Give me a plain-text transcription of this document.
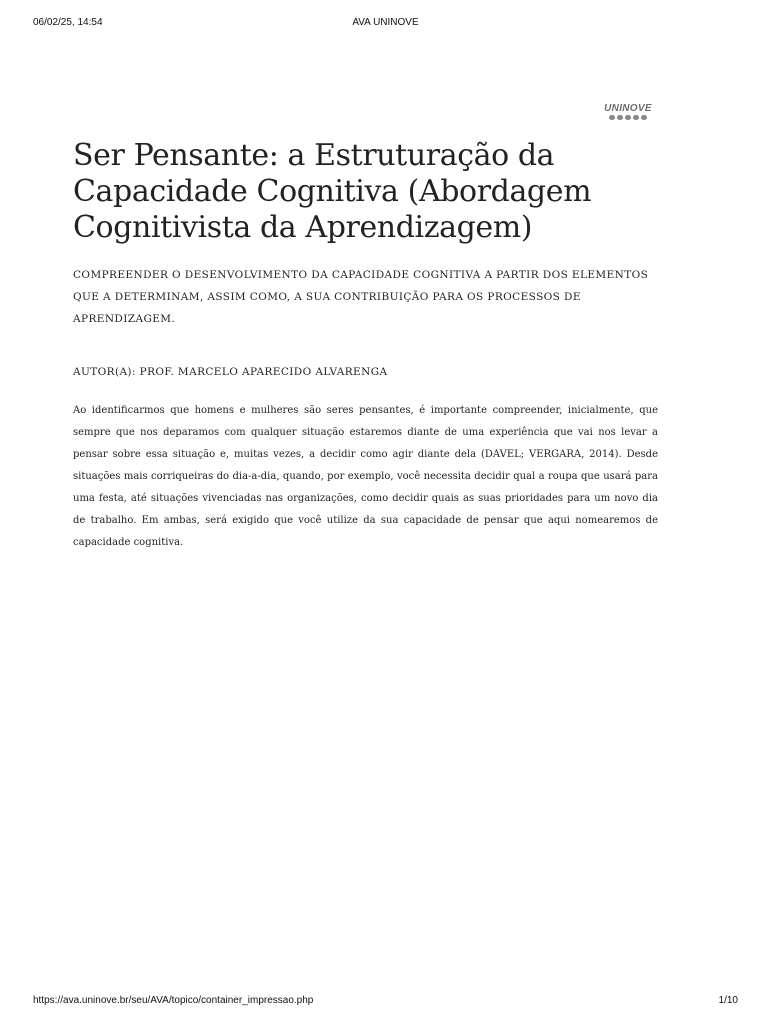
06/02/25, 14:54	AVA UNINOVE
UNINOVE
Ser Pensante: a Estruturação da Capacidade Cognitiva (Abordagem Cognitivista da Aprendizagem)

COMPREENDER O DESENVOLVIMENTO DA CAPACIDADE COGNITIVA A PARTIR DOS ELEMENTOS QUE A DETERMINAM, ASSIM COMO, A SUA CONTRIBUIÇÃO PARA OS PROCESSOS DE APRENDIZAGEM.

AUTOR(A): PROF. MARCELO APARECIDO ALVARENGA

Ao identificarmos que homens e mulheres são seres pensantes, é importante compreender, inicialmente, que sempre que nos deparamos com qualquer situação estaremos diante de uma experiência que vai nos levar a pensar sobre essa situação e, muitas vezes, a decidir como agir diante dela (DAVEL; VERGARA, 2014). Desde situações mais corriqueiras do dia-a-dia, quando, por exemplo, você necessita decidir qual a roupa que usará para uma festa, até situações vivenciadas nas organizações, como decidir quais as suas prioridades para um novo dia de trabalho. Em ambas, será exigido que você utilize da sua capacidade de pensar que aqui nomearemos de capacidade cognitiva.

https://ava.uninove.br/seu/AVA/topico/container_impressao.php	1/10
